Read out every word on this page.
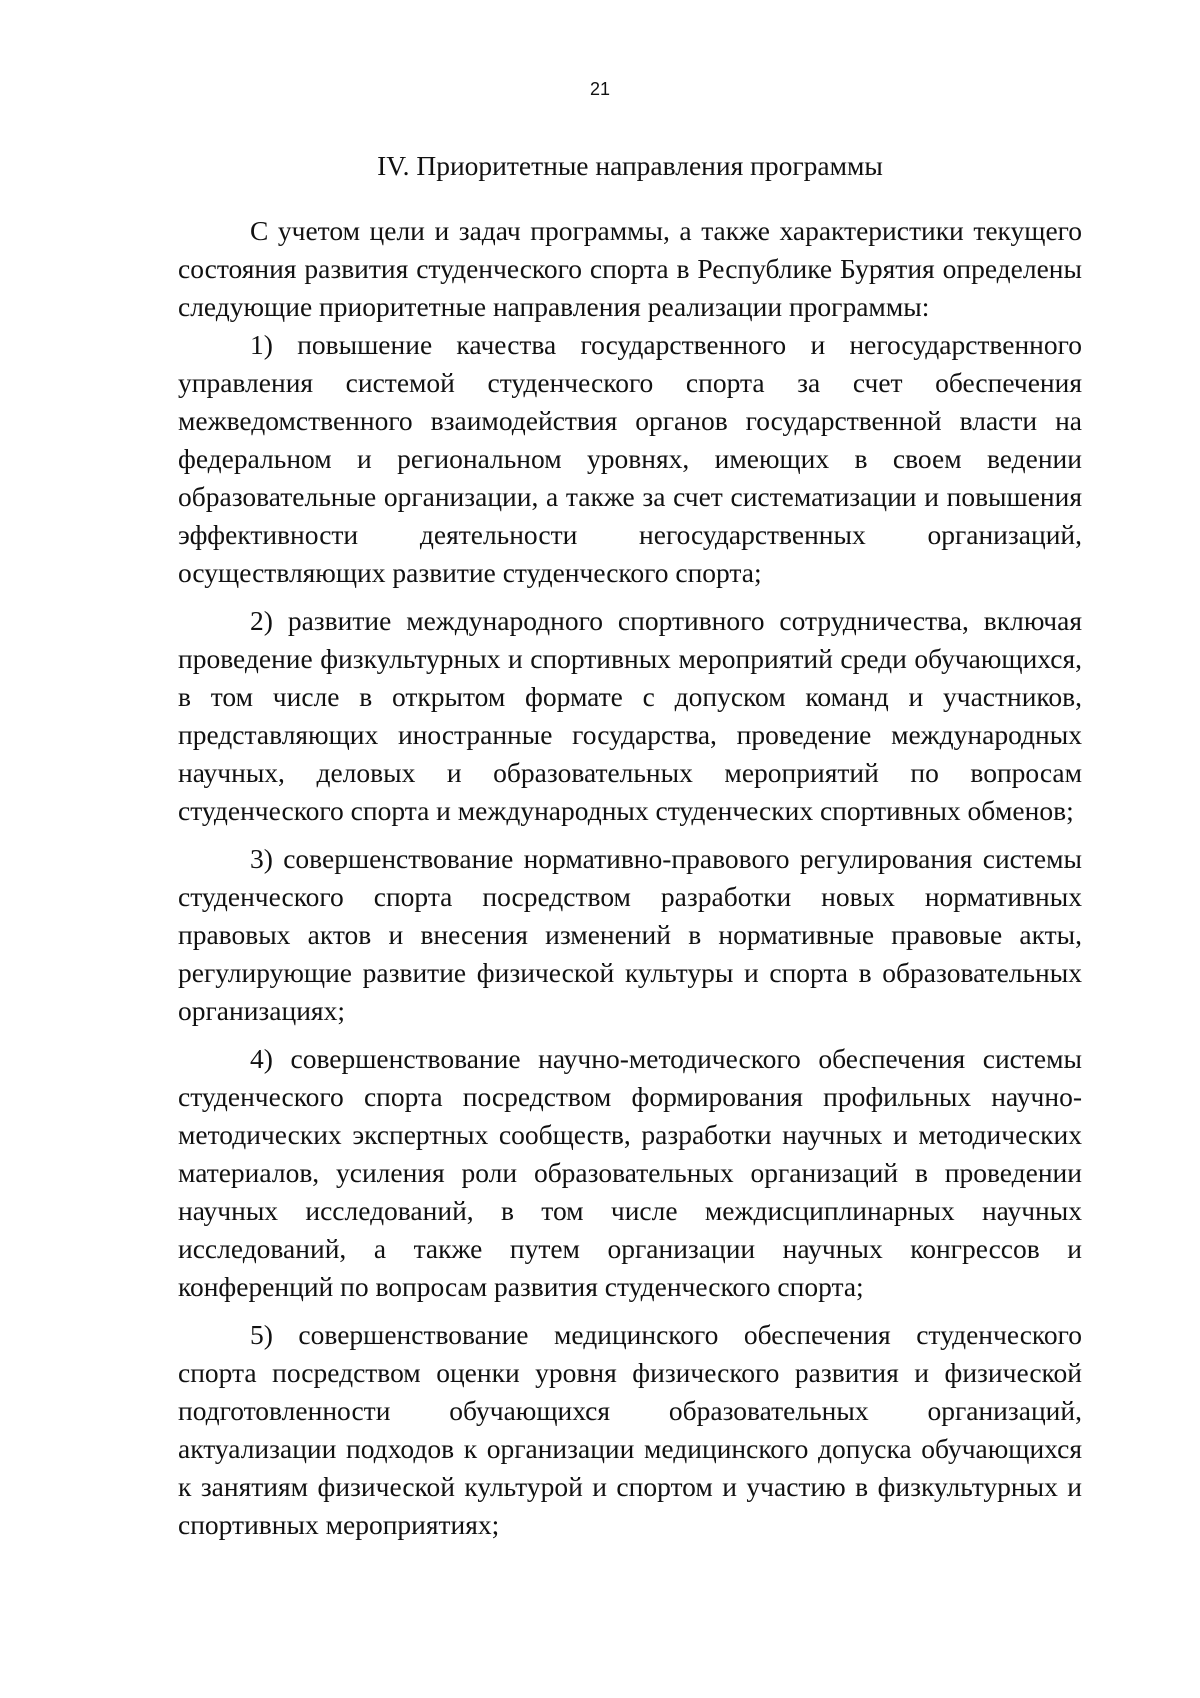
21
IV. Приоритетные направления программы

С учетом цели и задач программы, а также характеристики текущего состояния развития студенческого спорта в Республике Бурятия определены следующие приоритетные направления реализации программы:

1) повышение качества государственного и негосударственного управления системой студенческого спорта за счет обеспечения межведомственного взаимодействия органов государственной власти на федеральном и региональном уровнях, имеющих в своем ведении образовательные организации, а также за счет систематизации и повышения эффективности деятельности негосударственных организаций, осуществляющих развитие студенческого спорта;

2) развитие международного спортивного сотрудничества, включая проведение физкультурных и спортивных мероприятий среди обучающихся, в том числе в открытом формате с допуском команд и участников, представляющих иностранные государства, проведение международных научных, деловых и образовательных мероприятий по вопросам студенческого спорта и международных студенческих спортивных обменов;

3) совершенствование нормативно-правового регулирования системы студенческого спорта посредством разработки новых нормативных правовых актов и внесения изменений в нормативные правовые акты, регулирующие развитие физической культуры и спорта в образовательных организациях;

4) совершенствование научно-методического обеспечения системы студенческого спорта посредством формирования профильных научно-методических экспертных сообществ, разработки научных и методических материалов, усиления роли образовательных организаций в проведении научных исследований, в том числе междисциплинарных научных исследований, а также путем организации научных конгрессов и конференций по вопросам развития студенческого спорта;

5) совершенствование медицинского обеспечения студенческого спорта посредством оценки уровня физического развития и физической подготовленности обучающихся образовательных организаций, актуализации подходов к организации медицинского допуска обучающихся к занятиям физической культурой и спортом и участию в физкультурных и спортивных мероприятиях;
